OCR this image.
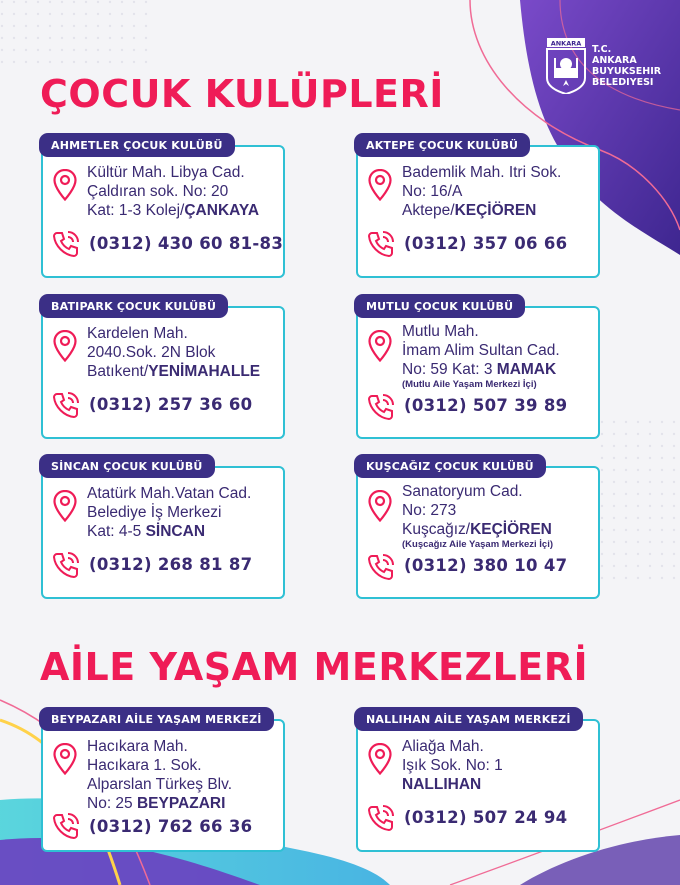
ANKARA
T.C.
ANKARA
BUYUKSEHIR
BELEDIYESI
ÇOCUK KULÜPLERİ
AİLE YAŞAM MERKEZLERİ
AHMETLER ÇOCUK KULÜBÜ
Kültür Mah. Libya Cad.
Çaldıran sok. No: 20
Kat: 1-3 Kolej/ÇANKAYA
(0312) 430 60 81-83
AKTEPE ÇOCUK KULÜBÜ
Bademlik Mah. Itri Sok.
No: 16/A
Aktepe/KEÇİÖREN
(0312) 357 06 66
BATIPARK ÇOCUK KULÜBÜ
Kardelen Mah.
2040.Sok. 2N Blok
Batıkent/YENİMAHALLE
(0312) 257 36 60
MUTLU ÇOCUK KULÜBÜ
Mutlu Mah.
İmam Alim Sultan Cad.
No: 59 Kat: 3 MAMAK
(Mutlu Aile Yaşam Merkezi İçi)
(0312) 507 39 89
SİNCAN ÇOCUK KULÜBÜ
Atatürk Mah.Vatan Cad.
Belediye İş Merkezi
Kat: 4-5 SİNCAN
(0312) 268 81 87
KUŞCAĞIZ ÇOCUK KULÜBÜ
Sanatoryum Cad.
No: 273
Kuşcağız/KEÇİÖREN
(Kuşcağız Aile Yaşam Merkezi İçi)
(0312) 380 10 47
BEYPAZARI AİLE YAŞAM MERKEZİ
Hacıkara Mah.
Hacıkara 1. Sok.
Alparslan Türkeş Blv.
No: 25 BEYPAZARI
(0312) 762 66 36
NALLIHAN AİLE YAŞAM MERKEZİ
Aliağa Mah.
Işık Sok. No: 1
NALLIHAN
(0312) 507 24 94
